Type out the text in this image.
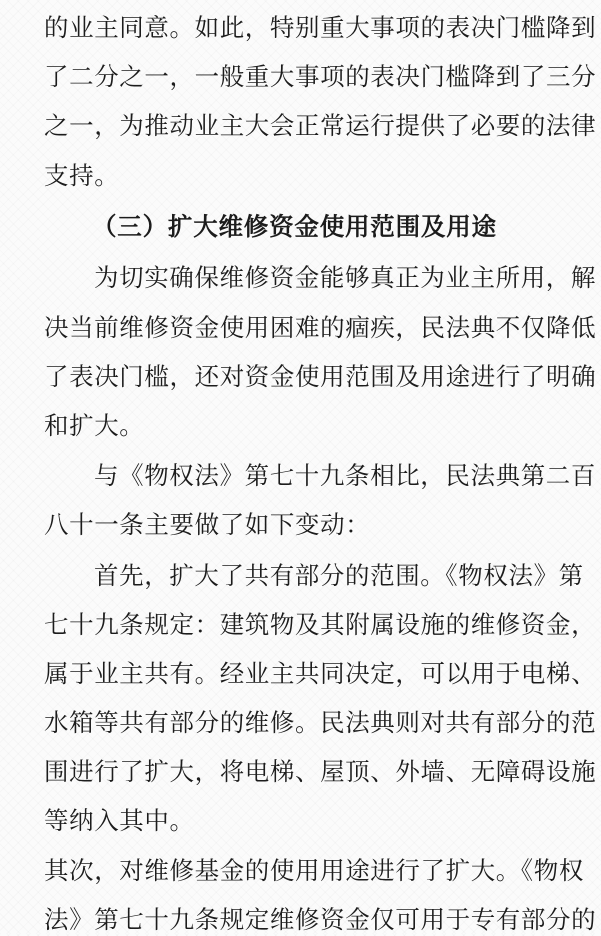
的业主同意。如此，特别重大事项的表决门槛降到
了二分之一，一般重大事项的表决门槛降到了三分
之一，为推动业主大会正常运行提供了必要的法律
支持。
（三）扩大维修资金使用范围及用途
为切实确保维修资金能够真正为业主所用，解
决当前维修资金使用困难的痼疾，民法典不仅降低
了表决门槛，还对资金使用范围及用途进行了明确
和扩大。
与《物权法》第七十九条相比，民法典第二百
八十一条主要做了如下变动：
首先，扩大了共有部分的范围。《物权法》第
七十九条规定：建筑物及其附属设施的维修资金，
属于业主共有。经业主共同决定，可以用于电梯、
水箱等共有部分的维修。民法典则对共有部分的范
围进行了扩大，将电梯、屋顶、外墙、无障碍设施
等纳入其中。
其次，对维修基金的使用用途进行了扩大。《物权
法》第七十九条规定维修资金仅可用于专有部分的
